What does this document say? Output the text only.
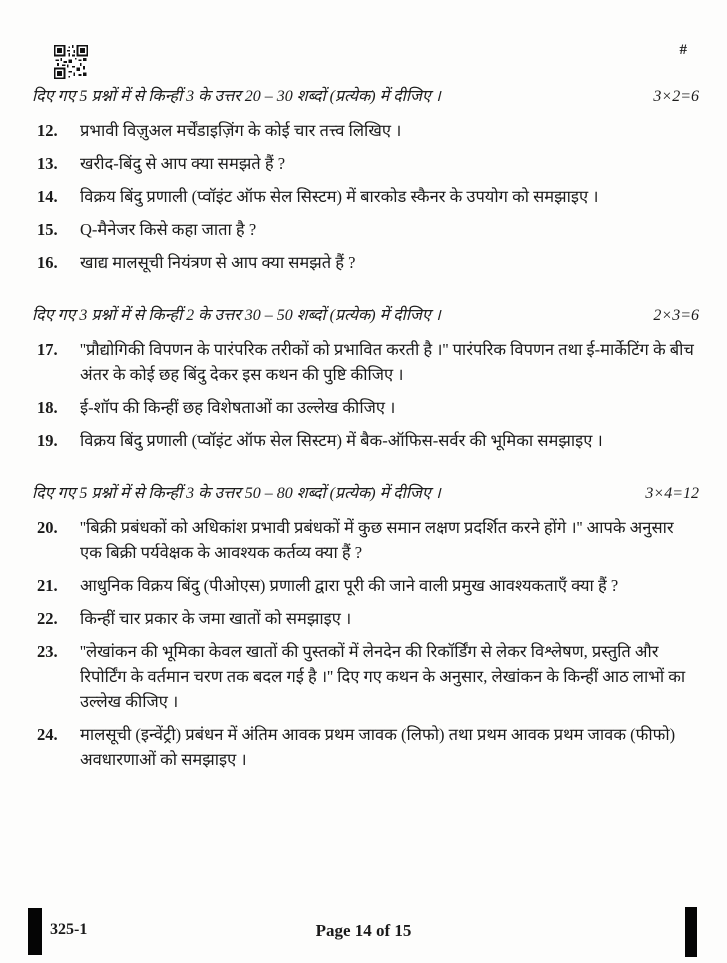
#
दिए गए 5 प्रश्नों में से किन्हीं 3 के उत्तर 20 – 30 शब्दों (प्रत्येक) में दीजिए ।	3×2=6
12.	प्रभावी विज़ुअल मर्चेंडाइज़िंग के कोई चार तत्त्व लिखिए ।
13.	खरीद-बिंदु से आप क्या समझते हैं ?
14.	विक्रय बिंदु प्रणाली (प्वॉइंट ऑफ सेल सिस्टम) में बारकोड स्कैनर के उपयोग को समझाइए ।
15.	Q-मैनेजर किसे कहा जाता है ?
16.	खाद्य मालसूची नियंत्रण से आप क्या समझते हैं ?
दिए गए 3 प्रश्नों में से किन्हीं 2 के उत्तर 30 – 50 शब्दों (प्रत्येक) में दीजिए ।	2×3=6
17.	''प्रौद्योगिकी विपणन के पारंपरिक तरीकों को प्रभावित करती है ।'' पारंपरिक विपणन तथा ई-मार्केटिंग के बीच अंतर के कोई छह बिंदु देकर इस कथन की पुष्टि कीजिए ।
18.	ई-शॉप की किन्हीं छह विशेषताओं का उल्लेख कीजिए ।
19.	विक्रय बिंदु प्रणाली (प्वॉइंट ऑफ सेल सिस्टम) में बैक-ऑफिस-सर्वर की भूमिका समझाइए ।
दिए गए 5 प्रश्नों में से किन्हीं 3 के उत्तर 50 – 80 शब्दों (प्रत्येक) में दीजिए ।	3×4=12
20.	''बिक्री प्रबंधकों को अधिकांश प्रभावी प्रबंधकों में कुछ समान लक्षण प्रदर्शित करने होंगे ।'' आपके अनुसार एक बिक्री पर्यवेक्षक के आवश्यक कर्तव्य क्या हैं ?
21.	आधुनिक विक्रय बिंदु (पीओएस) प्रणाली द्वारा पूरी की जाने वाली प्रमुख आवश्यकताएँ क्या हैं ?
22.	किन्हीं चार प्रकार के जमा खातों को समझाइए ।
23.	''लेखांकन की भूमिका केवल खातों की पुस्तकों में लेनदेन की रिकॉर्डिंग से लेकर विश्लेषण, प्रस्तुति और रिपोर्टिंग के वर्तमान चरण तक बदल गई है ।'' दिए गए कथन के अनुसार, लेखांकन के किन्हीं आठ लाभों का उल्लेख कीजिए ।
24.	मालसूची (इन्वेंट्री) प्रबंधन में अंतिम आवक प्रथम जावक (लिफो) तथा प्रथम आवक प्रथम जावक (फीफो) अवधारणाओं को समझाइए ।
325-1	Page 14 of 15
